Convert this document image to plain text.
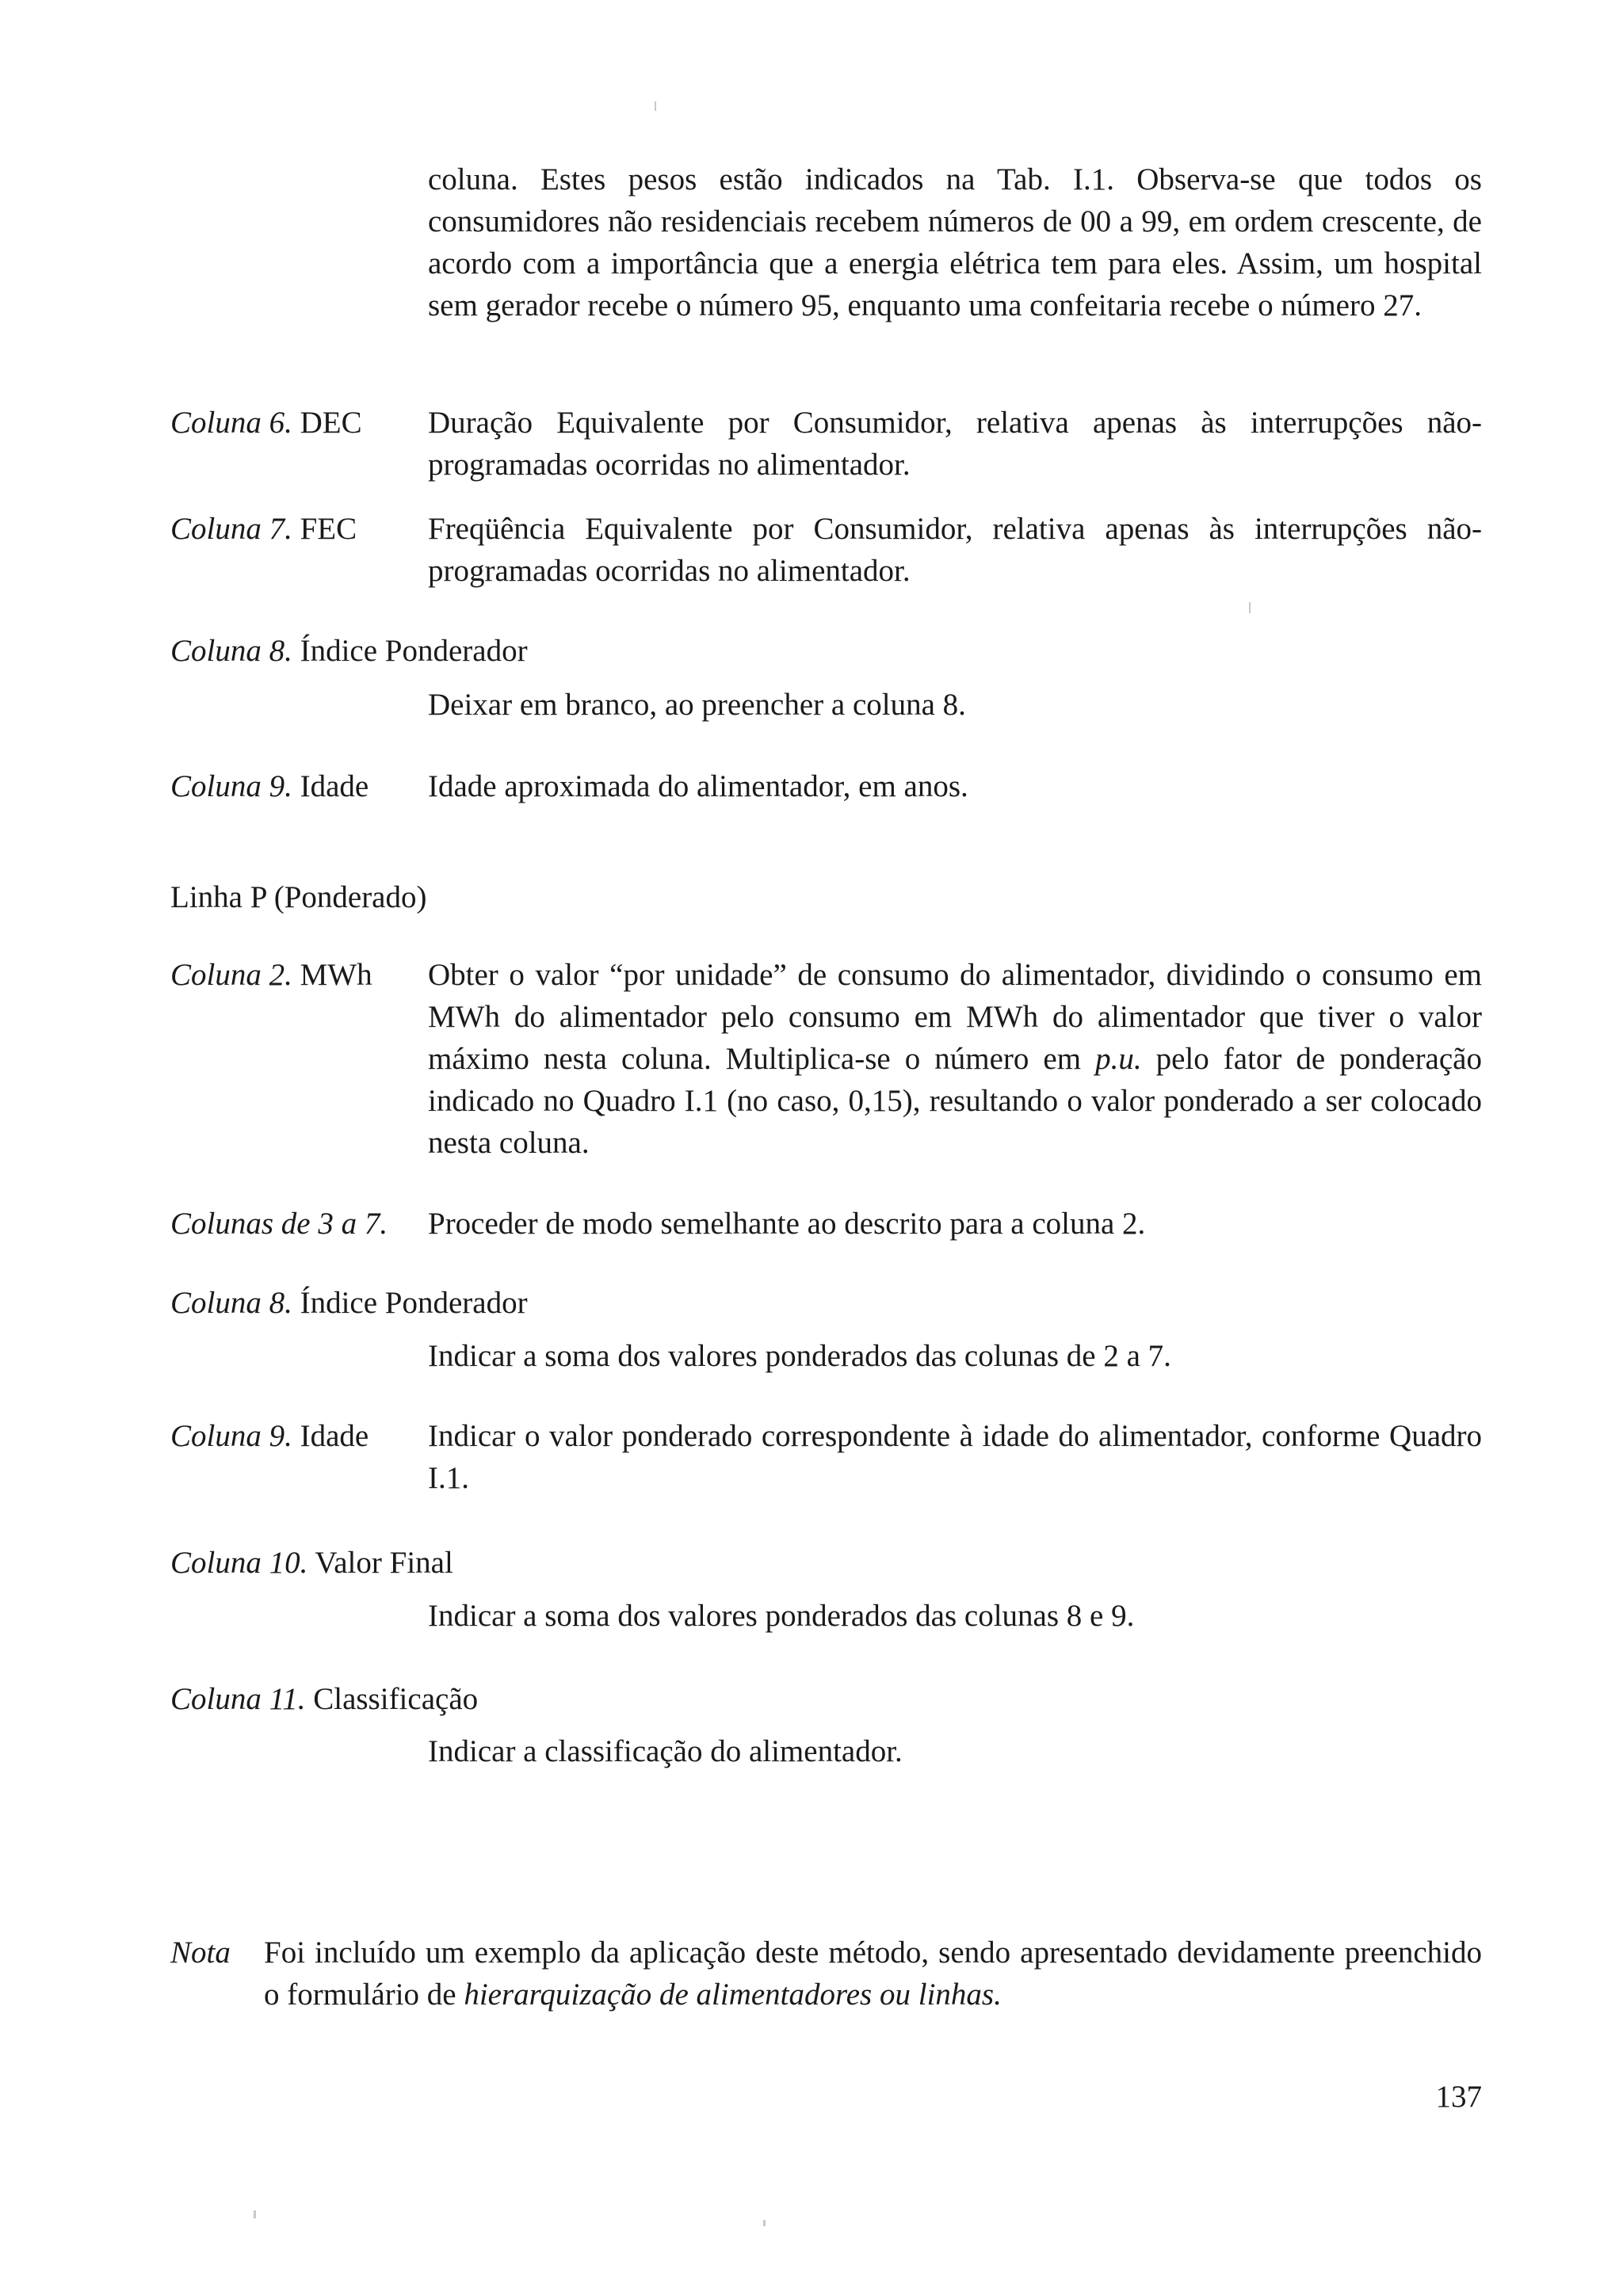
coluna. Estes pesos estão indicados na Tab. I.1. Observa-se que todos os consumidores não residenciais recebem números de 00 a 99, em ordem crescente, de acordo com a importância que a energia elétrica tem para eles. Assim, um hospital sem gerador recebe o número 95, enquanto uma confeitaria recebe o número 27.
Coluna 6. DEC Duração Equivalente por Consumidor, relativa apenas às interrupções não-programadas ocorridas no alimentador.
Coluna 7. FEC Freqüência Equivalente por Consumidor, relativa apenas às interrupções não-programadas ocorridas no alimentador.
Coluna 8. Índice Ponderador
Deixar em branco, ao preencher a coluna 8.
Coluna 9. Idade Idade aproximada do alimentador, em anos.
Linha P (Ponderado)
Coluna 2. MWh Obter o valor “por unidade” de consumo do alimentador, dividindo o consumo em MWh do alimentador pelo consumo em MWh do alimentador que tiver o valor máximo nesta coluna. Multiplica-se o número em p.u. pelo fator de ponderação indicado no Quadro I.1 (no caso, 0,15), resultando o valor ponderado a ser colocado nesta coluna.
Colunas de 3 a 7. Proceder de modo semelhante ao descrito para a coluna 2.
Coluna 8. Índice Ponderador
Indicar a soma dos valores ponderados das colunas de 2 a 7.
Coluna 9. Idade Indicar o valor ponderado correspondente à idade do alimentador, conforme Quadro I.1.
Coluna 10. Valor Final
Indicar a soma dos valores ponderados das colunas 8 e 9.
Coluna 11. Classificação
Indicar a classificação do alimentador.
Nota Foi incluído um exemplo da aplicação deste método, sendo apresentado devidamente preenchido o formulário de hierarquização de alimentadores ou linhas.
137
